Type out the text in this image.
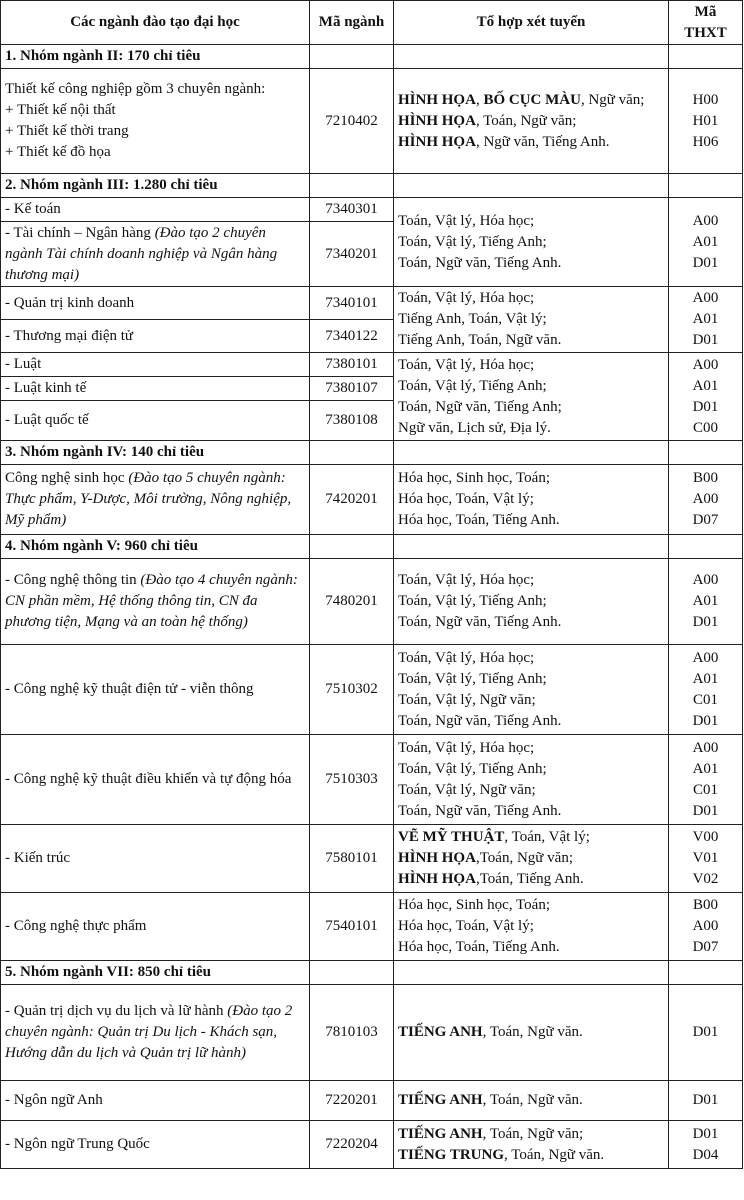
Các ngành đào tạo đại học	Mã ngành	Tổ hợp xét tuyển	Mã THXT
1. Nhóm ngành II: 170 chỉ tiêu			

Thiết kế công nghiệp gồm 3 chuyên ngành:
+ Thiết kế nội thất
+ Thiết kế thời trang
+ Thiết kế đồ họa	7210402	HÌNH HỌA, BỐ CỤC MÀU, Ngữ văn;
HÌNH HỌA, Toán, Ngữ văn;
HÌNH HỌA, Ngữ văn, Tiếng Anh.	H00
H01
H06

2. Nhóm ngành III: 1.280 chỉ tiêu			
- Kế toán	7340301	Toán, Vật lý, Hóa học;
Toán, Vật lý, Tiếng Anh;
Toán, Ngữ văn, Tiếng Anh.	A00
A01
D01

- Tài chính – Ngân hàng (Đào tạo 2 chuyên ngành Tài chính doanh nghiệp và Ngân hàng thương mại)	7340201		
- Quản trị kinh doanh	7340101	Toán, Vật lý, Hóa học;
Tiếng Anh, Toán, Vật lý;
Tiếng Anh, Toán, Ngữ văn.	A00
A01
D01

- Thương mại điện tử	7340122		
- Luật	7380101	Toán, Vật lý, Hóa học;
Toán, Vật lý, Tiếng Anh;
Toán, Ngữ văn, Tiếng Anh;
Ngữ văn, Lịch sử, Địa lý.	A00
A01
D01
C00

- Luật kinh tế	7380107		
- Luật quốc tế	7380108		
3. Nhóm ngành IV: 140 chỉ tiêu			
Công nghệ sinh học (Đào tạo 5 chuyên ngành: Thực phẩm, Y-Dược, Môi trường, Nông nghiệp, Mỹ phẩm)	7420201	Hóa học, Sinh học, Toán;
Hóa học, Toán, Vật lý;
Hóa học, Toán, Tiếng Anh.	B00
A00
D07

4. Nhóm ngành V: 960 chỉ tiêu			
- Công nghệ thông tin (Đào tạo 4 chuyên ngành: CN phần mềm, Hệ thống thông tin, CN đa phương tiện, Mạng và an toàn hệ thống)	7480201	Toán, Vật lý, Hóa học;
Toán, Vật lý, Tiếng Anh;
Toán, Ngữ văn, Tiếng Anh.	A00
A01
D01

- Công nghệ kỹ thuật điện tử - viễn thông	7510302	Toán, Vật lý, Hóa học;
Toán, Vật lý, Tiếng Anh;
Toán, Vật lý, Ngữ văn;
Toán, Ngữ văn, Tiếng Anh.	A00
A01
C01
D01

- Công nghệ kỹ thuật điều khiển và tự động hóa	7510303	Toán, Vật lý, Hóa học;
Toán, Vật lý, Tiếng Anh;
Toán, Vật lý, Ngữ văn;
Toán, Ngữ văn, Tiếng Anh.	A00
A01
C01
D01

- Kiến trúc	7580101	VẼ MỸ THUẬT, Toán, Vật lý;
HÌNH HỌA,Toán, Ngữ văn;
HÌNH HỌA,Toán, Tiếng Anh.	V00
V01
V02

- Công nghệ thực phẩm	7540101	Hóa học, Sinh học, Toán;
Hóa học, Toán, Vật lý;
Hóa học, Toán, Tiếng Anh.	B00
A00
D07

5. Nhóm ngành VII: 850 chỉ tiêu			
- Quản trị dịch vụ du lịch và lữ hành (Đào tạo 2 chuyên ngành: Quản trị Du lịch - Khách sạn, Hướng dẫn du lịch và Quản trị lữ hành)	7810103	TIẾNG ANH, Toán, Ngữ văn.	D01
- Ngôn ngữ Anh	7220201	TIẾNG ANH, Toán, Ngữ văn.	D01
- Ngôn ngữ Trung Quốc	7220204	TIẾNG ANH, Toán, Ngữ văn;
TIẾNG TRUNG, Toán, Ngữ văn.	D01
D04
